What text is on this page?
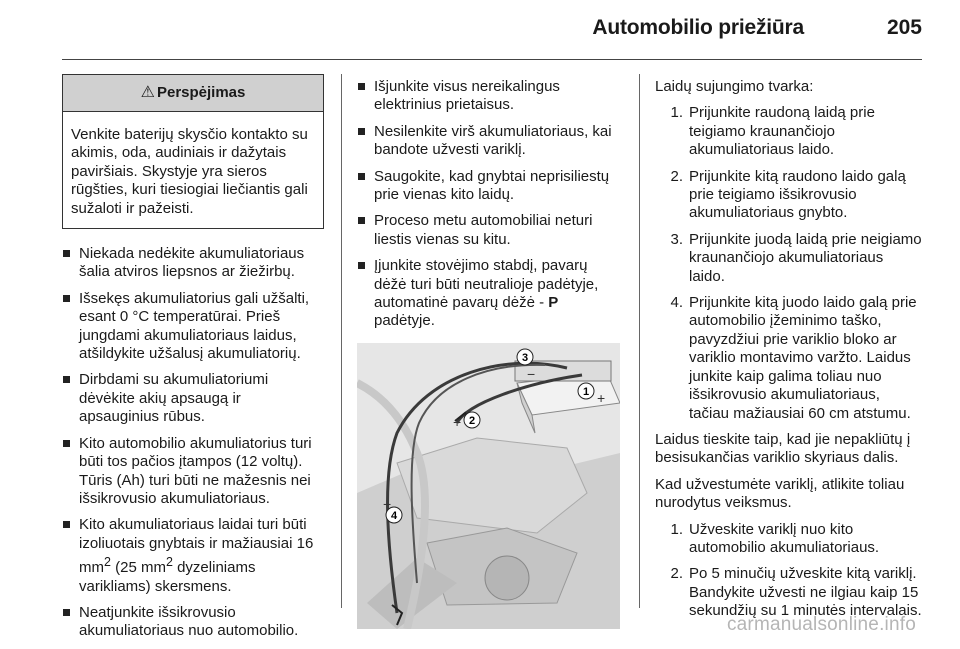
Automobilio priežiūra	205
⚠ Perspėjimas
Venkite baterijų skysčio kontakto su akimis, oda, audiniais ir dažytais paviršiais. Skystyje yra sieros rūgšties, kuri tiesiogiai liečiantis gali sužaloti ir pažeisti.
Niekada nedėkite akumuliatoriaus šalia atviros liepsnos ar žiežirbų.
Išsekęs akumuliatorius gali užšalti, esant 0 °C temperatūrai. Prieš jungdami akumuliatoriaus laidus, atšildykite užšalusį akumuliatorių.
Dirbdami su akumuliatoriumi dėvėkite akių apsaugą ir apsauginius rūbus.
Kito automobilio akumuliatorius turi būti tos pačios įtampos (12 voltų). Tūris (Ah) turi būti ne mažesnis nei išsikrovusio akumuliatoriaus.
Kito akumuliatoriaus laidai turi būti izoliuotais gnybtais ir mažiausiai 16 $mm^2$ (25 $mm^2$ dyzeliniams varikliams) skersmens.
Neatjunkite išsikrovusio akumuliatoriaus nuo automobilio.
Išjunkite visus nereikalingus elektrinius prietaisus.
Nesilenkite virš akumuliatoriaus, kai bandote užvesti variklį.
Saugokite, kad gnybtai neprisiliestų prie vienas kito laidų.
Proceso metu automobiliai neturi liestis vienas su kitu.
Įjunkite stovėjimo stabdį, pavarų dėžė turi būti neutralioje padėtyje, automatinė pavarų dėžė - P padėtyje.
3
1
2
4
+
+
−
−

Laidų sujungimo tvarka:

1. Prijunkite raudoną laidą prie teigiamo kraunančiojo akumuliatoriaus laido.
2. Prijunkite kitą raudono laido galą prie teigiamo išsikrovusio akumuliatoriaus gnybto.
3. Prijunkite juodą laidą prie neigiamo kraunančiojo akumuliatoriaus laido.
4. Prijunkite kitą juodo laido galą prie automobilio įžeminimo taško, pavyzdžiui prie variklio bloko ar variklio montavimo varžto. Laidus junkite kaip galima toliau nuo išsikrovusio akumuliatoriaus, tačiau mažiausiai 60 cm atstumu.

Laidus tieskite taip, kad jie nepakliūtų į besisukančias variklio skyriaus dalis.

Kad užvestumėte variklį, atlikite toliau nurodytus veiksmus.

1. Užveskite variklį nuo kito automobilio akumuliatoriaus.
2. Po 5 minučių užveskite kitą variklį. Bandykite užvesti ne ilgiau kaip 15 sekundžių su 1 minutės intervalais.
carmanualsonline.info
